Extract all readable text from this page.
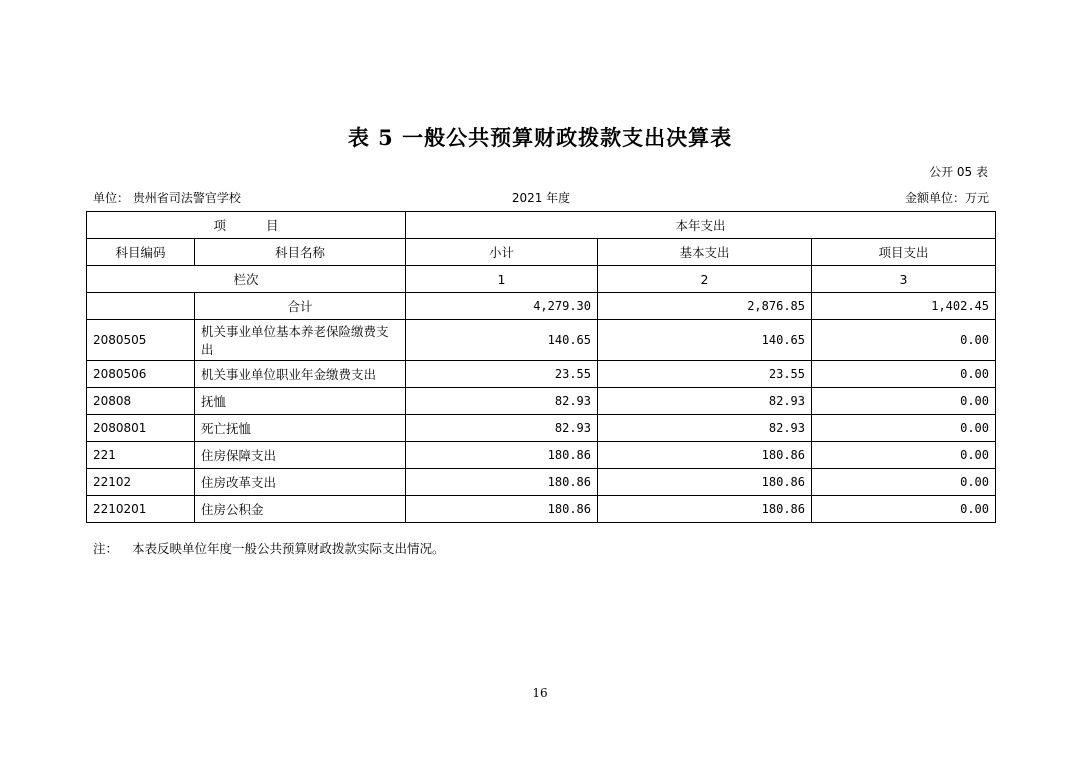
表 5 一般公共预算财政拨款支出决算表
公开 05 表
2021 年度
单位： 贵州省司法警官学校	金额单位：万元
项 目		本年支出		
科目编码	科目名称	小计	基本支出	项目支出
栏次		1	2	3
	合计	4,279.30	2,876.85	1,402.45
2080505	机关事业单位基本养老保险缴费支出	140.65	140.65	0.00
2080506	机关事业单位职业年金缴费支出	23.55	23.55	0.00
20808	抚恤	82.93	82.93	0.00
2080801	死亡抚恤	82.93	82.93	0.00
221	住房保障支出	180.86	180.86	0.00
22102	住房改革支出	180.86	180.86	0.00
2210201	住房公积金	180.86	180.86	0.00
注： 本表反映单位年度一般公共预算财政拨款实际支出情况。
16
